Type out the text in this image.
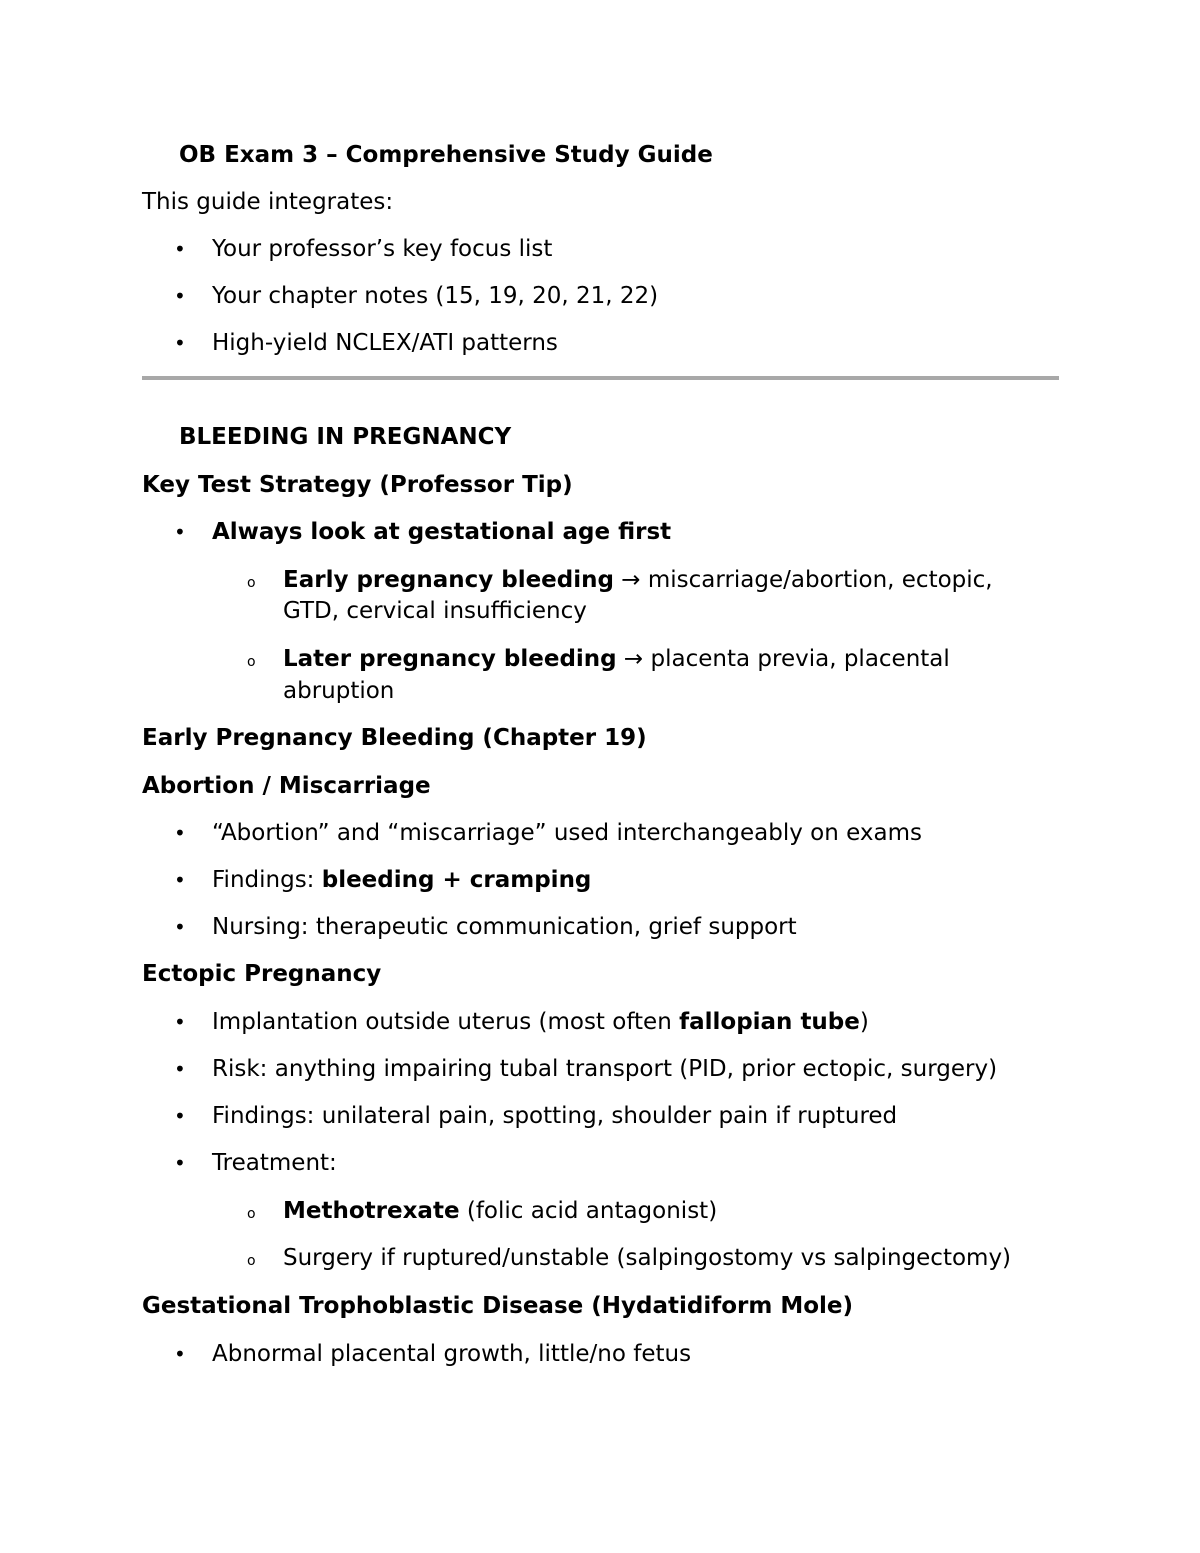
OB Exam 3 – Comprehensive Study Guide
This guide integrates:
• Your professor’s key focus list
• Your chapter notes (15, 19, 20, 21, 22)
• High-yield NCLEX/ATI patterns
BLEEDING IN PREGNANCY
Key Test Strategy (Professor Tip)
• Always look at gestational age first
o Early pregnancy bleeding → miscarriage/abortion, ectopic,
GTD, cervical insufficiency
o Later pregnancy bleeding → placenta previa, placental
abruption
Early Pregnancy Bleeding (Chapter 19)
Abortion / Miscarriage
• “Abortion” and “miscarriage” used interchangeably on exams
• Findings: bleeding + cramping
• Nursing: therapeutic communication, grief support
Ectopic Pregnancy
• Implantation outside uterus (most often fallopian tube)
• Risk: anything impairing tubal transport (PID, prior ectopic, surgery)
• Findings: unilateral pain, spotting, shoulder pain if ruptured
• Treatment:
o Methotrexate (folic acid antagonist)
o Surgery if ruptured/unstable (salpingostomy vs salpingectomy)
Gestational Trophoblastic Disease (Hydatidiform Mole)
• Abnormal placental growth, little/no fetus
